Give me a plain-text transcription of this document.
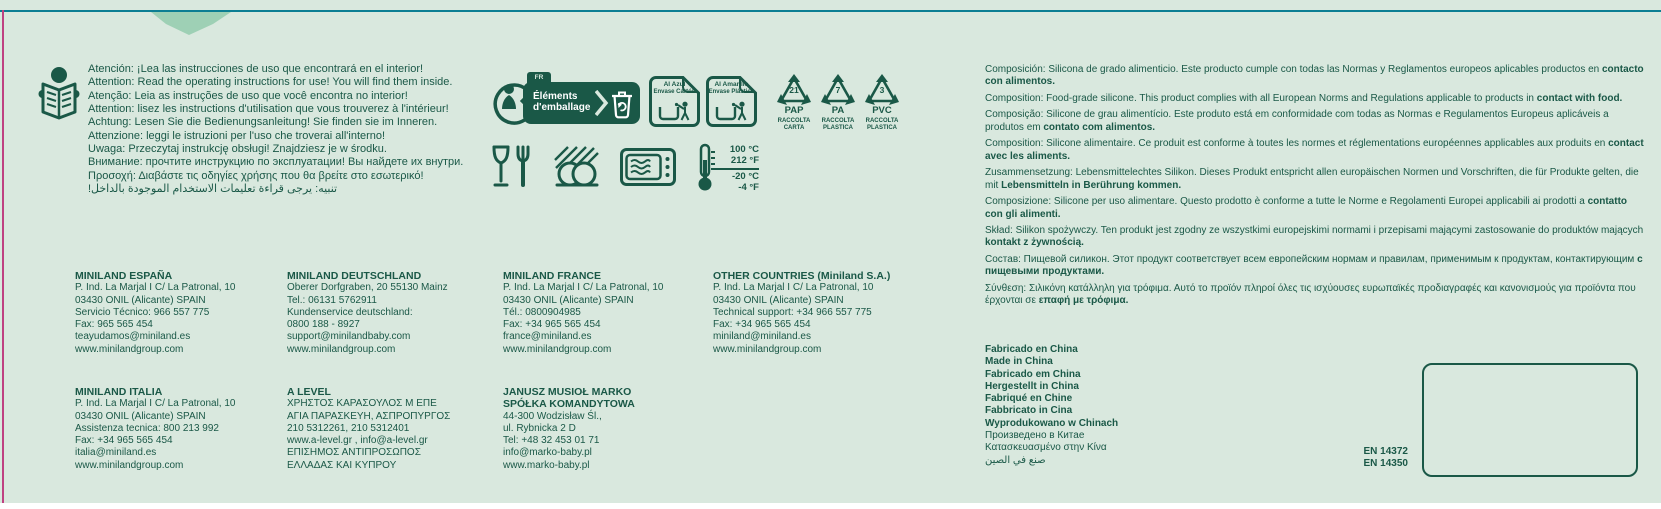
Atención: ¡Lea las instrucciones de uso que encontrará en el interior!
Attention: Read the operating instructions for use! You will find them inside.
Atenção: Leia as instruções de uso que você encontra no interior!
Attention: lisez les instructions d'utilisation que vous trouverez à l'intérieur!
Achtung: Lesen Sie die Bedienungsanleitung! Sie finden sie im Inneren.
Attenzione: leggi le istruzioni per l'uso che troverai all'interno!
Uwaga: Przeczytaj instrukcję obsługi! Znajdziesz je w środku.
Внимание: прочтите инструкцию по эксплуатации! Вы найдете их внутри.
Προσοχή: Διαβάστε τις οδηγίες χρήσης που θα βρείτε στο εσωτερικό!
تنبيه: يرجى قراءة تعليمات الاستخدام الموجودة بالداخل!
FR
Éléments
d'emballage
Al Azul
Envase Cartón
Al Amarillo
Envase Plástico	21
PAP
RACCOLTA
CARTA
7
PA
RACCOLTA
PLASTICA
3
PVC
RACCOLTA
PLASTICA
100 °C
212 °F
-20 °C
-4 °F

Composición: Silicona de grado alimenticio. Este producto cumple con todas las Normas y Reglamentos europeos aplicables productos en contacto con alimentos.

Composition: Food-grade silicone. This product complies with all European Norms and Regulations applicable to products in contact with food.

Composição: Silicone de grau alimentício. Este produto está em conformidade com todas as Normas e Regulamentos Europeus aplicáveis a produtos em contato com alimentos.

Composition: Silicone alimentaire. Ce produit est conforme à toutes les normes et réglementations européennes applicables aux produits en contact avec les aliments.

Zusammensetzung: Lebensmittelechtes Silikon. Dieses Produkt entspricht allen europäischen Normen und Vorschriften, die für Produkte gelten, die mit Lebensmitteln in Berührung kommen.

Composizione: Silicone per uso alimentare. Questo prodotto è conforme a tutte le Norme e Regolamenti Europei applicabili ai prodotti a contatto con gli alimenti.

Skład: Silikon spożywczy. Ten produkt jest zgodny ze wszystkimi europejskimi normami i przepisami mającymi zastosowanie do produktów mających kontakt z żywnością.

Состав: Пищевой силикон. Этот продукт соответствует всем европейским нормам и правилам, применимым к продуктам, контактирующим с пищевыми продуктами.

Σύνθεση: Σιλικόνη κατάλληλη για τρόφιμα. Αυτό το προϊόν πληροί όλες τις ισχύουσες ευρωπαϊκές προδιαγραφές και κανονισμούς για προϊόντα που έρχονται σε επαφή με τρόφιμα.

MINILAND ESPAÑA
P. Ind. La Marjal I C/ La Patronal, 10
03430 ONIL (Alicante) SPAIN
Servicio Técnico: 966 557 775
Fax: 965 565 454
teayudamos@miniland.es
www.minilandgroup.com
MINILAND DEUTSCHLAND
Oberer Dorfgraben, 20 55130 Mainz
Tel.: 06131 5762911
Kundenservice deutschland:
0800 188 - 8927
support@minilandbaby.com
www.minilandgroup.com
MINILAND FRANCE
P. Ind. La Marjal I C/ La Patronal, 10
03430 ONIL (Alicante) SPAIN
Tél.: 0800904985
Fax: +34 965 565 454
france@miniland.es
www.minilandgroup.com
OTHER COUNTRIES (Miniland S.A.)
P. Ind. La Marjal I C/ La Patronal, 10
03430 ONIL (Alicante) SPAIN
Technical support: +34 966 557 775
Fax: +34 965 565 454
miniland@miniland.es
www.minilandgroup.com
MINILAND ITALIA
P. Ind. La Marjal I C/ La Patronal, 10
03430 ONIL (Alicante) SPAIN
Assistenza tecnica: 800 213 992
Fax: +34 965 565 454
italia@miniland.es
www.minilandgroup.com
A LEVEL
ΧΡΗΣΤΟΣ ΚΑΡΑΣΟΥΛΟΣ Μ ΕΠΕ
ΑΓΙΑ ΠΑΡΑΣΚΕΥΗ, ΑΣΠΡΟΠΥΡΓΟΣ
210 5312261, 210 5312401
www.a-level.gr , info@a-level.gr
ΕΠΙΣΗΜΟΣ ΑΝΤΙΠΡΟΣΩΠΟΣ
ΕΛΛΑΔΑΣ ΚΑΙ ΚΥΠΡΟΥ
JANUSZ MUSIOŁ MARKO
SPÓŁKA KOMANDYTOWA
44-300 Wodzisław Śl.,
ul. Rybnicka 2 D
Tel: +48 32 453 01 71
info@marko-baby.pl
www.marko-baby.pl
Fabricado en China
Made in China
Fabricado em China
Hergestellt in China
Fabriqué en Chine
Fabbricato in Cina
Wyprodukowano w Chinach
Произведено в Китае
Κατασκευασμένο στην Κίνα
صنع في الصين
EN 14372
EN 14350
